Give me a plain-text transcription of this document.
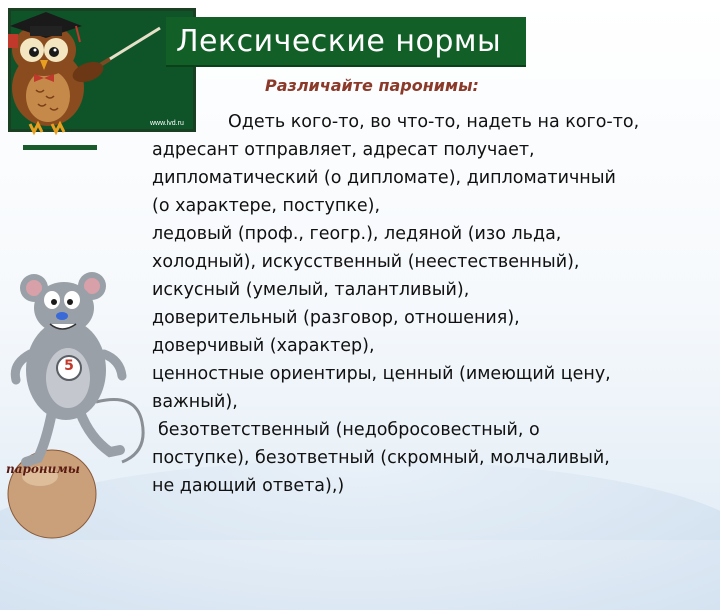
www.lvd.ru
Лексические нормы
Различайте паронимы:
Одеть кого-то, во что-то, надеть на кого-то,
адресант отправляет, адресат получает,
дипломатический (о дипломате), дипломатичный
(о характере, поступке),
ледовый (проф., геогр.), ледяной (изо льда,
холодный), искусственный (неестественный),
искусный (умелый, талантливый),
доверительный (разговор, отношения),
доверчивый (характер),
ценностные ориентиры, ценный (имеющий цену,
важный),
безответственный (недобросовестный, о
поступке), безответный (скромный, молчаливый,
не дающий ответа),)
5
паронимы
